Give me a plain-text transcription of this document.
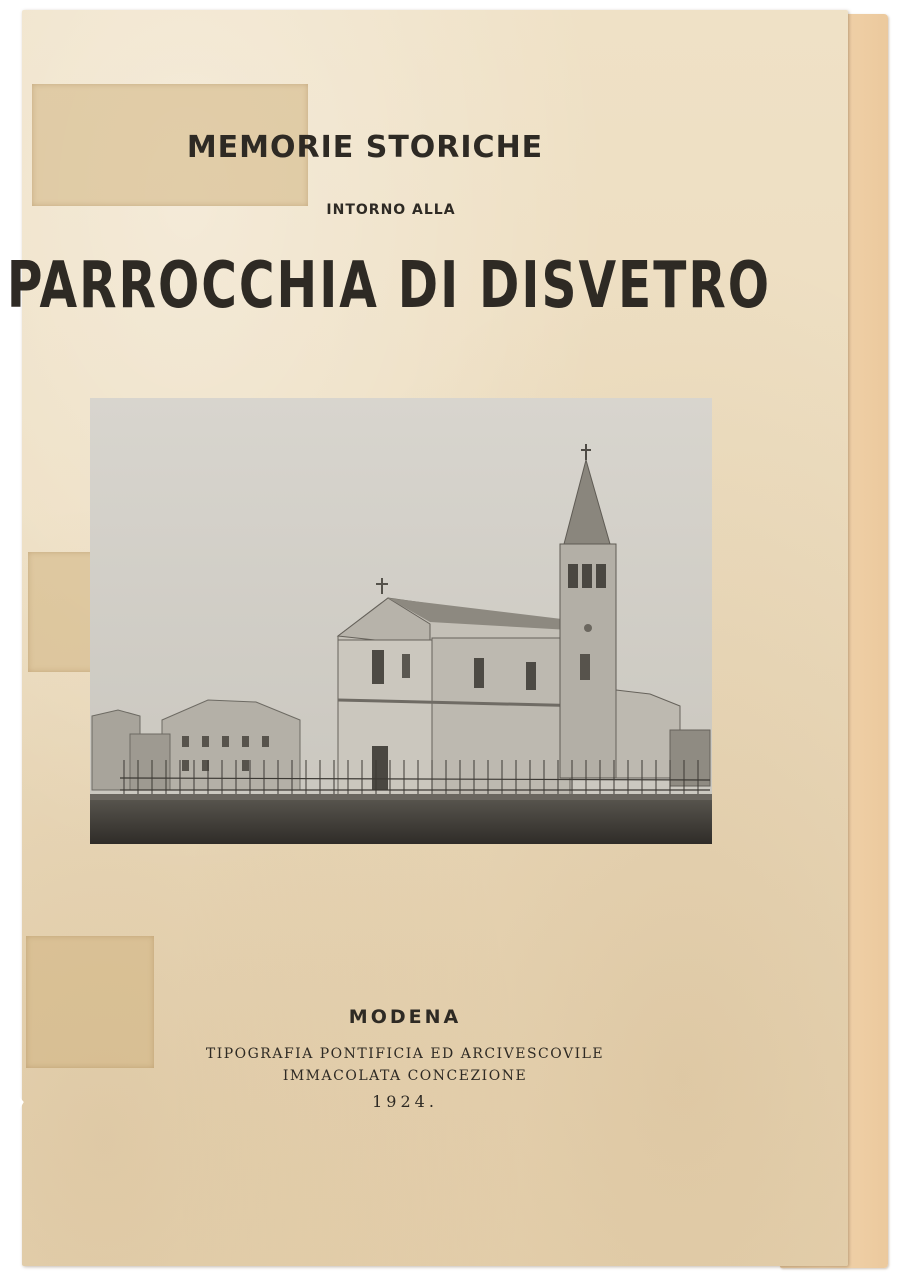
MEMORIE STORICHE

INTORNO ALLA

PARROCCHIA DI DISVETRO

MODENA

TIPOGRAFIA PONTIFICIA ED ARCIVESCOVILE

IMMACOLATA CONCEZIONE

1924.
